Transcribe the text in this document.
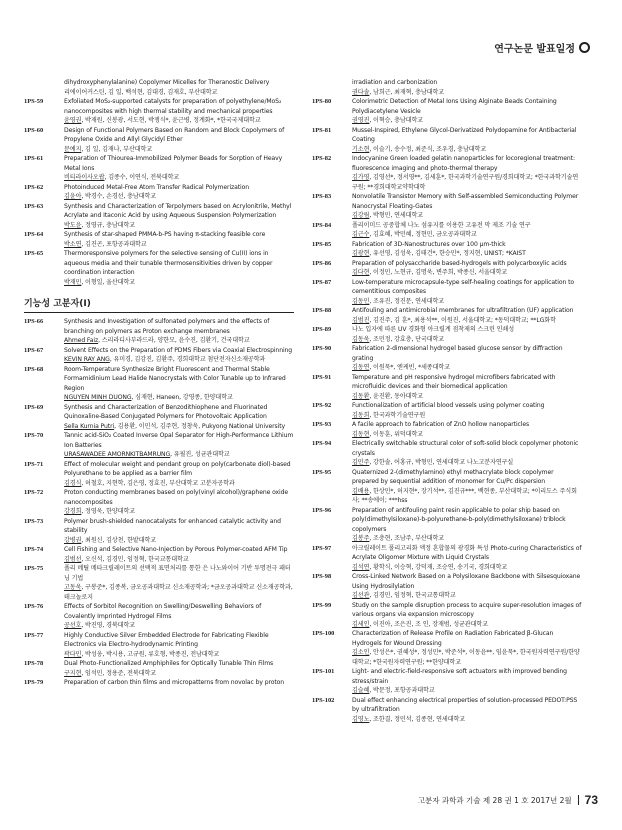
연구논문 발표일정
dihydroxyphenylalanine) Copolymer Micelles for Theranostic Delivery
리에이어커스틴, 김 일, 백석현, 김대경, 김재호, 부산대학교
1PS-59	Exfoliated MoS₂-supported catalysts for preparation of polyethylene/MoS₂ nanocomposites with high thermal stability and mechanical properties
윤영권, 박재원, 신봉광, 서도현, 박쟁식*, 윤근병, 정계화*, *한국국제대학교
1PS-60	Design of Functional Polymers Based on Random and Block Copolymers of Propylene Oxide and Allyl Glycidyl Ether
문예지, 김 일, 김재나, 부산대학교
1PS-61	Preparation of Thiourea-Immobilized Polymer Beads for Sorption of Heavy Metal Ions
비티라이사오팝, 김종수, 이연식, 전북대학교
1PS-62	Photoinduced Metal-Free Atom Transfer Radical Polymerization
김윤아, 박경수, 손경선, 충남대학교
1PS-63	Synthesis and Characterization of Terpolymers based on Acrylonitrile, Methyl Acrylate and Itaconic Acid by using Aqueous Suspension Polymerization
박도윤, 정영규, 충남대학교
1PS-64	Synthesis of star-shaped PMMA-b-PS having π-stacking feasible core
박소연, 김진곤, 포항공과대학교
1PS-65	Thermoresponsive polymers for the selective sensing of Cu(II) ions in aqueous media and their tunable thermosensitivities driven by copper coordination interaction
박재민, 이형일, 울산대학교
기능성 고분자(I)
1PS-66	Synthesis and Investigation of sulfonated polymers and the effects of branching on polymers as Proton exchange membranes
Ahmed Faiz, 스리라디사부라드라, 양한모, 윤수진, 김환기, 건국대학교
1PS-67	Solvent Effects on the Preparation of PDMS Fibers via Coaxial Electrospinning
KEVIN RAY ANG, 유미경, 김감진, 김환주, 경희대학교 첨단전자신소재공학과
1PS-68	Room-Temperature Synthesize Bright Fluorescent and Thermal Stable Formamidinium Lead Halide Nanocrystals with Color Tunable up to Infrared Region
NGUYEN MINH DUONG, 심재현, Haneen, 강영종, 한양대학교
1PS-69	Synthesis and Characterization of Benzodithiophene and Fluorinated Quinoxaline-Based Conjugated Polymers for Photovoltaic Application
Sella Kurnia Putri, 김용환, 이민석, 김주현, 정창욱, Pukyong National University
1PS-70	Tannic acid-SiO₂ Coated Inverse Opal Separator for High-Performance Lithium Ion Batteries
URASAWADEE AMORNKITBAMRUNG, 유필진, 성균관대학교
1PS-71	Effect of molecular weight and pendant group on poly(carbonate diol)-based Polyurethane to be applied as a barrier film
김경식, 허철호, 지현학, 김은영, 정효진, 부산대학교 고분자공학과
1PS-72	Proton conducting membranes based on poly(vinyl alcohol)/graphene oxide nanocomposites
강경희, 정영욱, 한양대학교
1PS-73	Polymer brush-shielded nanocatalysts for enhanced catalytic activity and stability
강병권, 최원신, 김상천, 한밭대학교
1PS-74	Cell Fishing and Selective Nano-Injection by Porous Polymer-coated AFM Tip
김범선, 오신석, 김경민, 임정혁, 한국교통대학교
1PS-75	폴리 메틸 메타크릴레이트의 선택적 표면처리를 통한 은 나노와이어 기반 투명전극 패터닝 기법
고동욱, 구봉준*, 김종복, 금오공과대학교 신소재공학과; *금오공과대학교 신소재공학과, 테크놀로지
1PS-76	Effects of Sorbitol Recognition on Swelling/Deswelling Behaviors of Covalently Imprinted Hydrogel Films
공선호, 박진영, 경북대학교
1PS-77	Highly Conductive Silver Embedded Electrode for Fabricating Flexible Electronics via Electro-hydrodynamic Printing
곽다민, 박성웅, 박시용, 고규원, 류호형, 박종진, 전남대학교
1PS-78	Dual Photo-Functionalized Amphiphiles for Optically Tunable Thin Films
구지현, 임석민, 정용준, 전북대학교
1PS-79	Preparation of carbon thin films and micropatterns from novolac by proton
irradiation and carbonization
권다솔, 남희근, 최재혁, 충남대학교
1PS-80	Colorimetric Detection of Metal Ions Using Alginate Beads Containing Polydiacetylene Vesicle
권영진, 이혁승, 충남대학교
1PS-81	Mussel-Inspired, Ethylene Glycol-Derivatized Polydopamine for Antibacterial Coating
기소현, 이슬기, 송수정, 최준식, 조우경, 충남대학교
1PS-82	Indocyanine Green loaded gelatin nanoparticles for locoregional treatment: fluorescence imaging and photo-thermal therapy
김가영, 김영선*, 정서영**, 김세훈*, 한국과학기술연구원/경희대학교; *한국과학기술연구원; **경희대학교약학대학
1PS-83	Nonvolatile Transistor Memory with Self-assembled Semiconducting Polymer Nanocrystal Floating-Gates
김강림, 박형민, 연세대학교
1PS-84	폴리이미드 공중합체 나노 섬유지를 이용한 고유전 막 제조 기술 연구
김근수, 김효혜, 박민혜, 정현민, 금오공과대학교
1PS-85	Fabrication of 3D-Nanostructures over 100 μm-thick
김광현, 유선영, 김성욱, 김태건*, 한승민*, 정지현, UNIST; *KAIST
1PS-86	Preparation of polysaccharide based-hydrogels with polycarboxylic acids
김다현, 이정민, 노현규, 김명욱, 변주희, 박종신, 서울대학교
1PS-87	Low-temperature microcapsule-type self-healing coatings for application to cementitious composites
김동민, 조유진, 정진문, 연세대학교
1PS-88	Antifouling and antimicrobial membranes for ultrafiltration (UF) application
김범진, 김진주, 김 훈*, 최용석**, 이원진, 서울대학교; *동덕대학교; **LG화학
1PS-89	나노 입자에 따른 UV 경화형 아크릴계 점착제의 스크린 인쇄성
김동욱, 조민정, 강효충, 단국대학교
1PS-90	Fabrication 2-dimensional hydrogel based glucose sensor by diffraction grating
김동연, 이원묵*, 엔케빈, *세종대학교
1PS-91	Temperature and pH responsive hydrogel microfibers fabricated with microfluidic devices and their biomedical application
김동환, 윤진환, 동아대학교
1PS-92	Functionalization of artificial blood vessels using polymer coating
김동희, 한국과학기술연구원
1PS-93	A facile approach to fabrication of ZnO hollow nanoparticles
김동현, 이동훈, 위덕대학교
1PS-94	Electrically switchable structural color of soft-solid block copolymer photonic crystals
김민주, 강한솔, 어홍규, 박형민, 연세대학교 나노고분자연구실
1PS-95	Quaternized 2-(dimethylamino) ethyl methacrylate block copolymer prepared by sequential addition of monomer for Cu/Pc dispersion
김배용, 한상민*, 허지현*, 장기석**, 김진규***, 백현종, 부산대학교; *이리도스 주식회사; **송에이; ***hss
1PS-96	Preparation of antifouling paint resin applicable to polar ship based on poly(dimethylsiloxane)-b-polyurethane-b-poly(dimethylsiloxane) triblock copolymers
김봉주, 조충현, 조남주, 부산대학교
1PS-97	아크릴레이트 폴리고리화 액정 혼합물의 광경화 특성 Photo-curing Characteristics of Acrylate Oligomer Mixture with Liquid Crystals
김석연, 황학식, 이승혁, 강덕재, 조승연, 송기국, 경희대학교
1PS-98	Cross-Linked Network Based on a Polysiloxane Backbone with Silsesquioxane Using Hydrosilylation
김선관, 김경민, 임정혁, 한국교통대학교
1PS-99	Study on the sample disruption process to acquire super-resolution images of various organs via expansion microscopy
김세인, 이진아, 조은진, 조 인, 장재범, 성균관대학교
1PS-100	Characterization of Release Profile on Radiation Fabricated β-Glucan Hydrogels for Wound Dressing
김소인, 안성은*, 권혜성*, 정성민*, 박준석*, 이동윤**, 임윤묵*, 한국원자력연구원/한양대학교; *한국원자력연구원; **한양대학교
1PS-101	Light- and electric-field-responsive soft actuators with improved bending stress/strain
김슬혜, 박문정, 포항공과대학교
1PS-102	Dual effect enhancing electrical properties of solution-processed PEDOT:PSS by ultrafiltration
김영노, 조한결, 정민석, 김종현, 연세대학교
고분자 과학과 기술 제 28 권 1 호 2017년 2월 73
